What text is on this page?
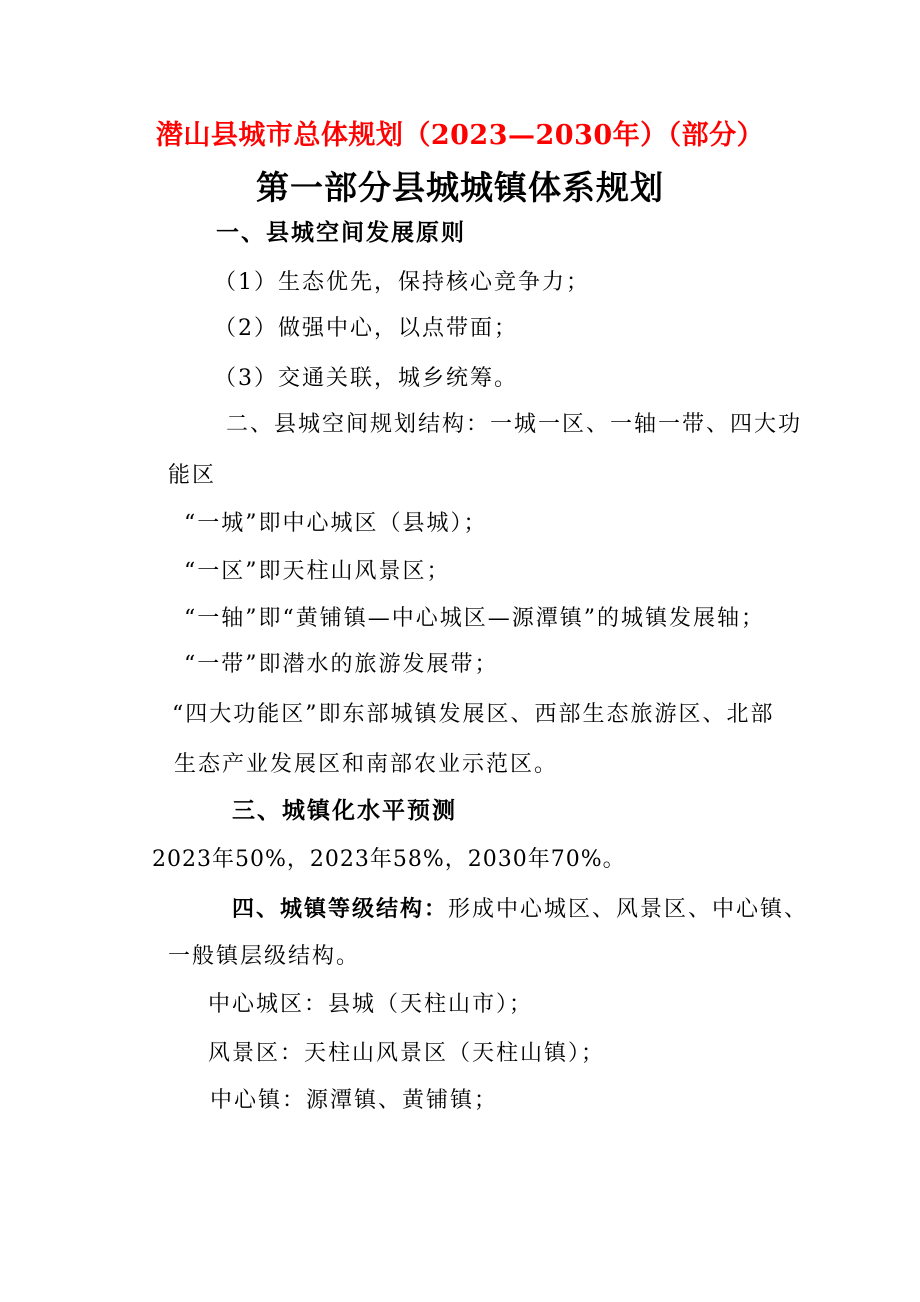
潜山县城市总体规划（2023—2030年）（部分）
第一部分县城城镇体系规划
一、县城空间发展原则
（1）生态优先，保持核心竞争力；
（2）做强中心，以点带面；
（3）交通关联，城乡统筹。
二、县城空间规划结构：一城一区、一轴一带、四大功
能区
“一城”即中心城区（县城）；
“一区”即天柱山风景区；
“一轴”即“黄铺镇—中心城区—源潭镇”的城镇发展轴；
“一带”即潜水的旅游发展带；
“四大功能区”即东部城镇发展区、西部生态旅游区、北部
生态产业发展区和南部农业示范区。
三、城镇化水平预测
2023年50%，2023年58%，2030年70%。
四、城镇等级结构：形成中心城区、风景区、中心镇、
一般镇层级结构。
中心城区：县城（天柱山市）；
风景区：天柱山风景区（天柱山镇）；
中心镇：源潭镇、黄铺镇；
